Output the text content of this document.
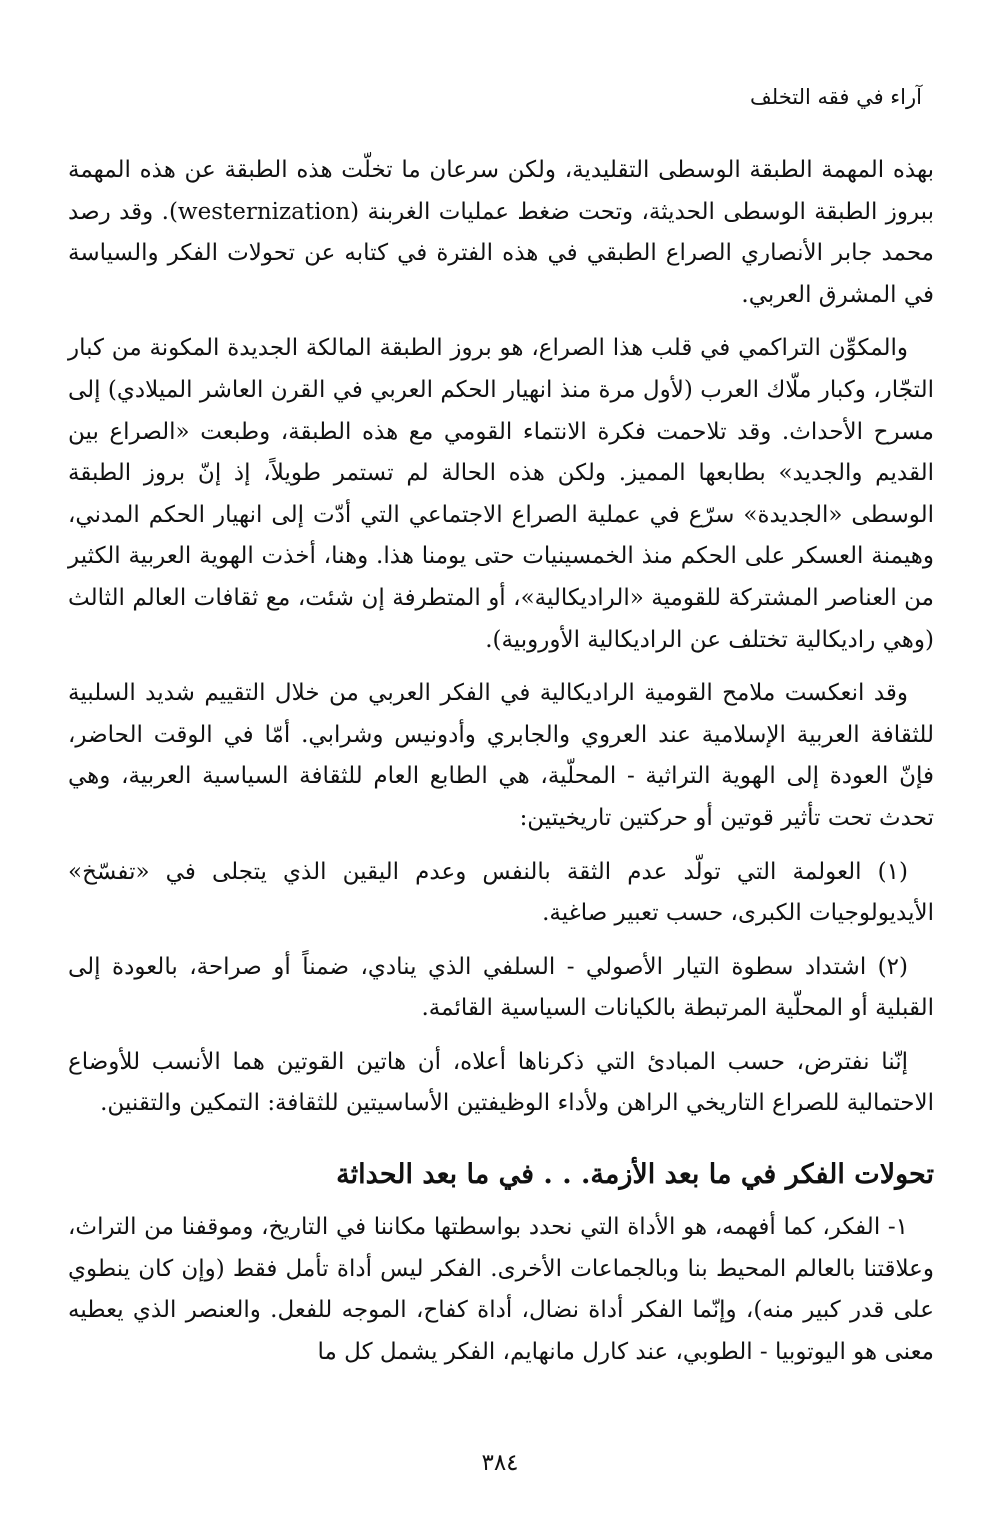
آراء في فقه التخلف

بهذه المهمة الطبقة الوسطى التقليدية، ولكن سرعان ما تخلّت هذه الطبقة عن هذه المهمة ببروز الطبقة الوسطى الحديثة، وتحت ضغط عمليات الغربنة (westernization). وقد رصد محمد جابر الأنصاري الصراع الطبقي في هذه الفترة في كتابه عن تحولات الفكر والسياسة في المشرق العربي.

والمكوِّن التراكمي في قلب هذا الصراع، هو بروز الطبقة المالكة الجديدة المكونة من كبار التجّار، وكبار ملّاك العرب (لأول مرة منذ انهيار الحكم العربي في القرن العاشر الميلادي) إلى مسرح الأحداث. وقد تلاحمت فكرة الانتماء القومي مع هذه الطبقة، وطبعت «الصراع بين القديم والجديد» بطابعها المميز. ولكن هذه الحالة لم تستمر طويلاً، إذ إنّ بروز الطبقة الوسطى «الجديدة» سرّع في عملية الصراع الاجتماعي التي أدّت إلى انهيار الحكم المدني، وهيمنة العسكر على الحكم منذ الخمسينيات حتى يومنا هذا. وهنا، أخذت الهوية العربية الكثير من العناصر المشتركة للقومية «الراديكالية»، أو المتطرفة إن شئت، مع ثقافات العالم الثالث (وهي راديكالية تختلف عن الراديكالية الأوروبية).

وقد انعكست ملامح القومية الراديكالية في الفكر العربي من خلال التقييم شديد السلبية للثقافة العربية الإسلامية عند العروي والجابري وأدونيس وشرابي. أمّا في الوقت الحاضر، فإنّ العودة إلى الهوية التراثية - المحلّية، هي الطابع العام للثقافة السياسية العربية، وهي تحدث تحت تأثير قوتين أو حركتين تاريخيتين:

(١) العولمة التي تولّد عدم الثقة بالنفس وعدم اليقين الذي يتجلى في «تفسّخ» الأيديولوجيات الكبرى، حسب تعبير صاغية.

(٢) اشتداد سطوة التيار الأصولي - السلفي الذي ينادي، ضمناً أو صراحة، بالعودة إلى القبلية أو المحلّية المرتبطة بالكيانات السياسية القائمة.

إنّنا نفترض، حسب المبادئ التي ذكرناها أعلاه، أن هاتين القوتين هما الأنسب للأوضاع الاحتمالية للصراع التاريخي الراهن ولأداء الوظيفتين الأساسيتين للثقافة: التمكين والتقنين.

تحولات الفكر في ما بعد الأزمة. . . في ما بعد الحداثة

١- الفكر، كما أفهمه، هو الأداة التي نحدد بواسطتها مكاننا في التاريخ، وموقفنا من التراث، وعلاقتنا بالعالم المحيط بنا وبالجماعات الأخرى. الفكر ليس أداة تأمل فقط (وإن كان ينطوي على قدر كبير منه)، وإنّما الفكر أداة نضال، أداة كفاح، الموجه للفعل. والعنصر الذي يعطيه معنى هو اليوتوبيا - الطوبي، عند كارل مانهايم، الفكر يشمل كل ما

٣٨٤
